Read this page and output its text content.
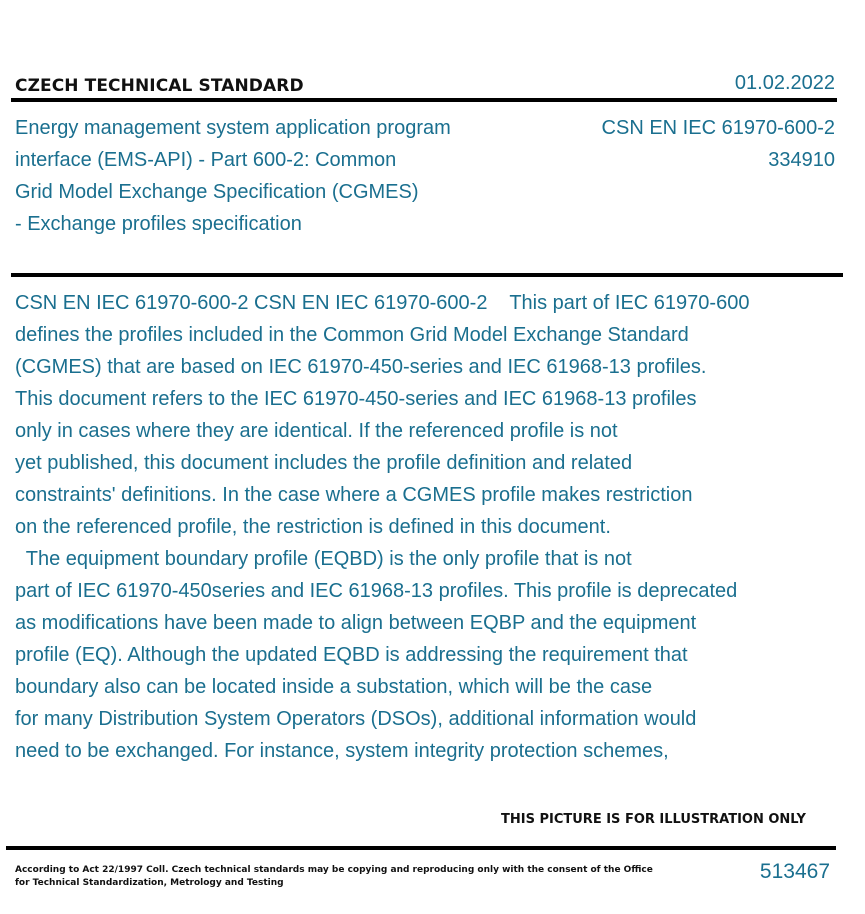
CZECH TECHNICAL STANDARD	01.02.2022
Energy management system application program
interface (EMS-API) - Part 600-2: Common
Grid Model Exchange Specification (CGMES)
- Exchange profiles specification
CSN EN IEC 61970-600-2
334910
CSN EN IEC 61970-600-2 CSN EN IEC 61970-600-2    This part of IEC 61970-600
defines the profiles included in the Common Grid Model Exchange Standard
(CGMES) that are based on IEC 61970-450-series and IEC 61968-13 profiles.
This document refers to the IEC 61970-450-series and IEC 61968-13 profiles
only in cases where they are identical. If the referenced profile is not
yet published, this document includes the profile definition and related
constraints' definitions. In the case where a CGMES profile makes restriction
on the referenced profile, the restriction is defined in this document.
The equipment boundary profile (EQBD) is the only profile that is not
part of IEC 61970-450series and IEC 61968-13 profiles. This profile is deprecated
as modifications have been made to align between EQBP and the equipment
profile (EQ). Although the updated EQBD is addressing the requirement that
boundary also can be located inside a substation, which will be the case
for many Distribution System Operators (DSOs), additional information would
need to be exchanged. For instance, system integrity protection schemes,
THIS PICTURE IS FOR ILLUSTRATION ONLY
According to Act 22/1997 Coll. Czech technical standards may be copying and reproducing only with the consent of the Office
for Technical Standardization, Metrology and Testing	513467
